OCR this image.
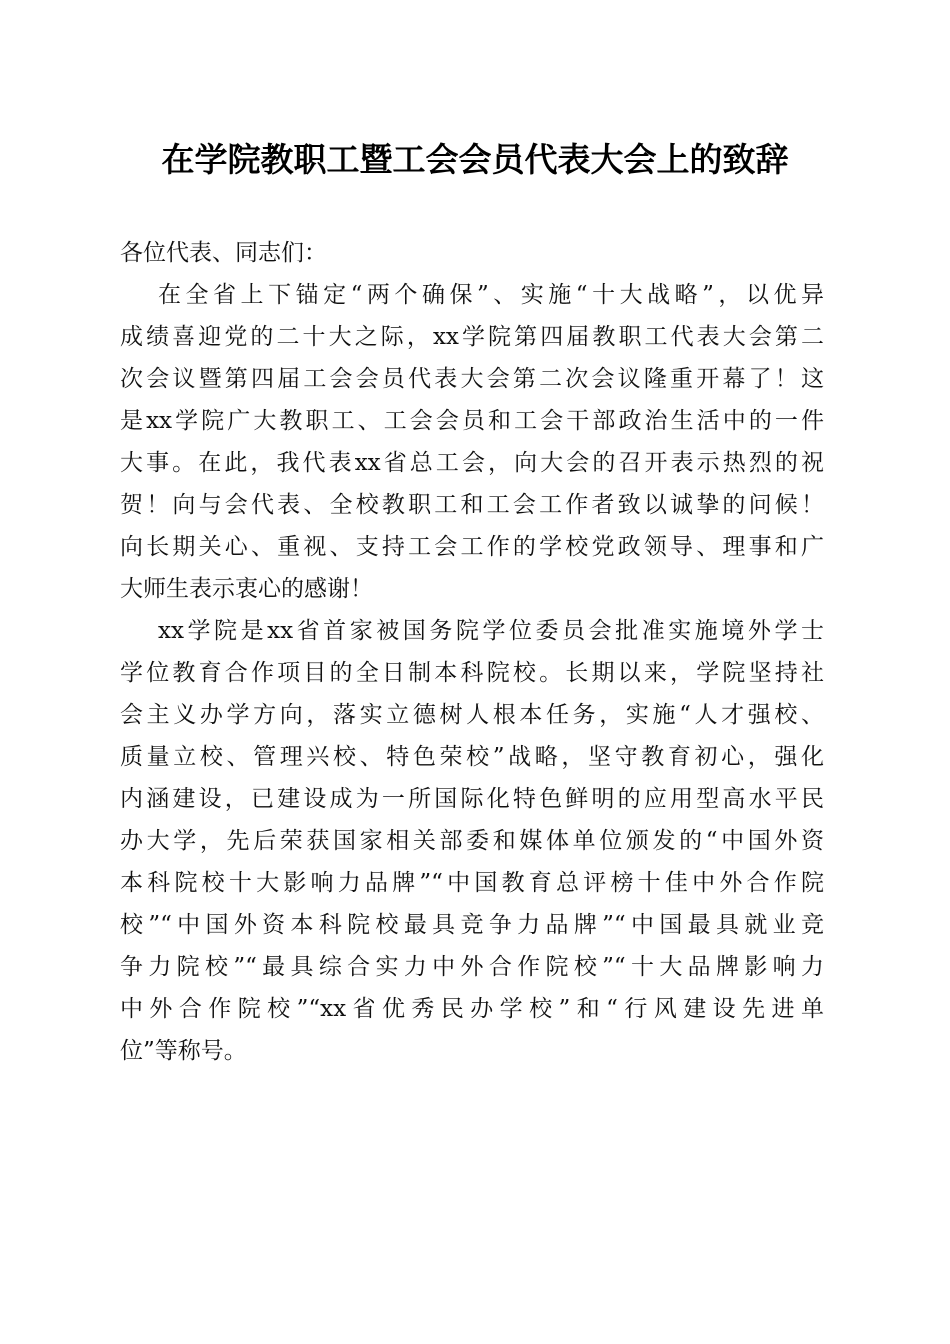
在学院教职工暨工会会员代表大会上的致辞
各位代表、同志们：
在全省上下锚定“两个确保”、实施“十大战略”，以优异
成绩喜迎党的二十大之际，xx学院第四届教职工代表大会第二
次会议暨第四届工会会员代表大会第二次会议隆重开幕了！这
是xx学院广大教职工、工会会员和工会干部政治生活中的一件
大事。在此，我代表xx省总工会，向大会的召开表示热烈的祝
贺！向与会代表、全校教职工和工会工作者致以诚挚的问候！
向长期关心、重视、支持工会工作的学校党政领导、理事和广
大师生表示衷心的感谢！
xx学院是xx省首家被国务院学位委员会批准实施境外学士
学位教育合作项目的全日制本科院校。长期以来，学院坚持社
会主义办学方向，落实立德树人根本任务，实施“人才强校、
质量立校、管理兴校、特色荣校”战略，坚守教育初心，强化
内涵建设，已建设成为一所国际化特色鲜明的应用型高水平民
办大学，先后荣获国家相关部委和媒体单位颁发的“中国外资
本科院校十大影响力品牌”“中国教育总评榜十佳中外合作院
校”“中国外资本科院校最具竞争力品牌”“中国最具就业竞
争力院校”“最具综合实力中外合作院校”“十大品牌影响力
中外合作院校”“xx省优秀民办学校”和“行风建设先进单
位”等称号。
